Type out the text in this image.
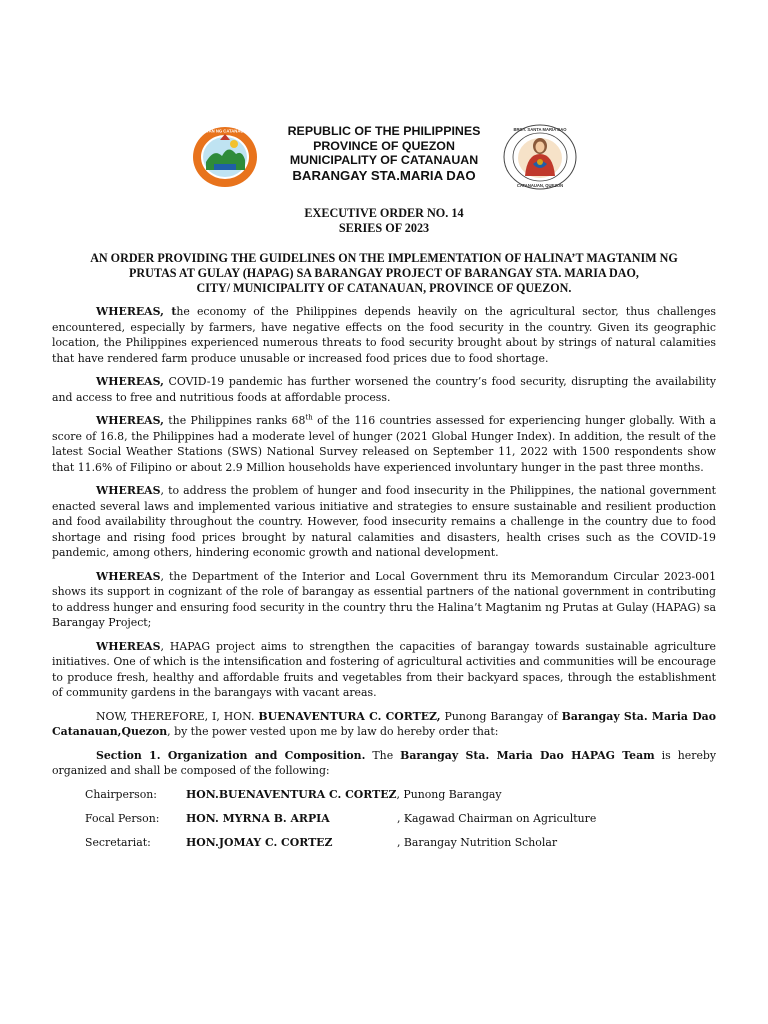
BAYAN NG CATANAUAN	REPUBLIC OF THE PHILIPPINES
PROVINCE OF QUEZON
MUNICIPALITY OF CATANAUAN
BARANGAY STA.MARIA DAO
BRGY. SANTA MARIA DAO
CATANAUAN, QUEZON
EXECUTIVE ORDER NO. 14
SERIES OF 2023
AN ORDER PROVIDING THE GUIDELINES ON THE IMPLEMENTATION OF HALINA’T MAGTANIM NG
PRUTAS AT GULAY (HAPAG) SA BARANGAY PROJECT OF BARANGAY STA. MARIA DAO,
CITY/ MUNICIPALITY OF CATANAUAN, PROVINCE OF QUEZON.

WHEREAS, the economy of the Philippines depends heavily on the agricultural sector, thus challenges encountered, especially by farmers, have negative effects on the food security in the country. Given its geographic location, the Philippines experienced numerous threats to food security brought about by strings of natural calamities that have rendered farm produce unusable or increased food prices due to food shortage.

WHEREAS, COVID-19 pandemic has further worsened the country’s food security, disrupting the availability and access to free and nutritious foods at affordable process.

WHEREAS, the Philippines ranks 68th of the 116 countries assessed for experiencing hunger globally. With a score of 16.8, the Philippines had a moderate level of hunger (2021 Global Hunger Index). In addition, the result of the latest Social Weather Stations (SWS) National Survey released on September 11, 2022 with 1500 respondents show that 11.6% of Filipino or about 2.9 Million households have experienced involuntary hunger in the past three months.

WHEREAS, to address the problem of hunger and food insecurity in the Philippines, the national government enacted several laws and implemented various initiative and strategies to ensure sustainable and resilient production and food availability throughout the country. However, food insecurity remains a challenge in the country due to food shortage and rising food prices brought by natural calamities and disasters, health crises such as the COVID-19 pandemic, among others, hindering economic growth and national development.

WHEREAS, the Department of the Interior and Local Government thru its Memorandum Circular 2023-001 shows its support in cognizant of the role of barangay as essential partners of the national government in contributing to address hunger and ensuring food security in the country thru the Halina’t Magtanim ng Prutas at Gulay (HAPAG) sa Barangay Project;

WHEREAS, HAPAG project aims to strengthen the capacities of barangay towards sustainable agriculture initiatives. One of which is the intensification and fostering of agricultural activities and communities will be encourage to produce fresh, healthy and affordable fruits and vegetables from their backyard spaces, through the establishment of community gardens in the barangays with vacant areas.

NOW, THEREFORE, I, HON. BUENAVENTURA C. CORTEZ, Punong Barangay of Barangay Sta. Maria Dao Catanauan,Quezon, by the power vested upon me by law do hereby order that:

Section 1. Organization and Composition. The Barangay Sta. Maria Dao HAPAG Team is hereby organized and shall be composed of the following:

Chairperson:	HON.BUENAVENTURA C. CORTEZ, Punong Barangay
Focal Person: HON. MYRNA B. ARPIA	, Kagawad Chairman on Agriculture
Secretariat:	HON.JOMAY C. CORTEZ	, Barangay Nutrition Scholar
